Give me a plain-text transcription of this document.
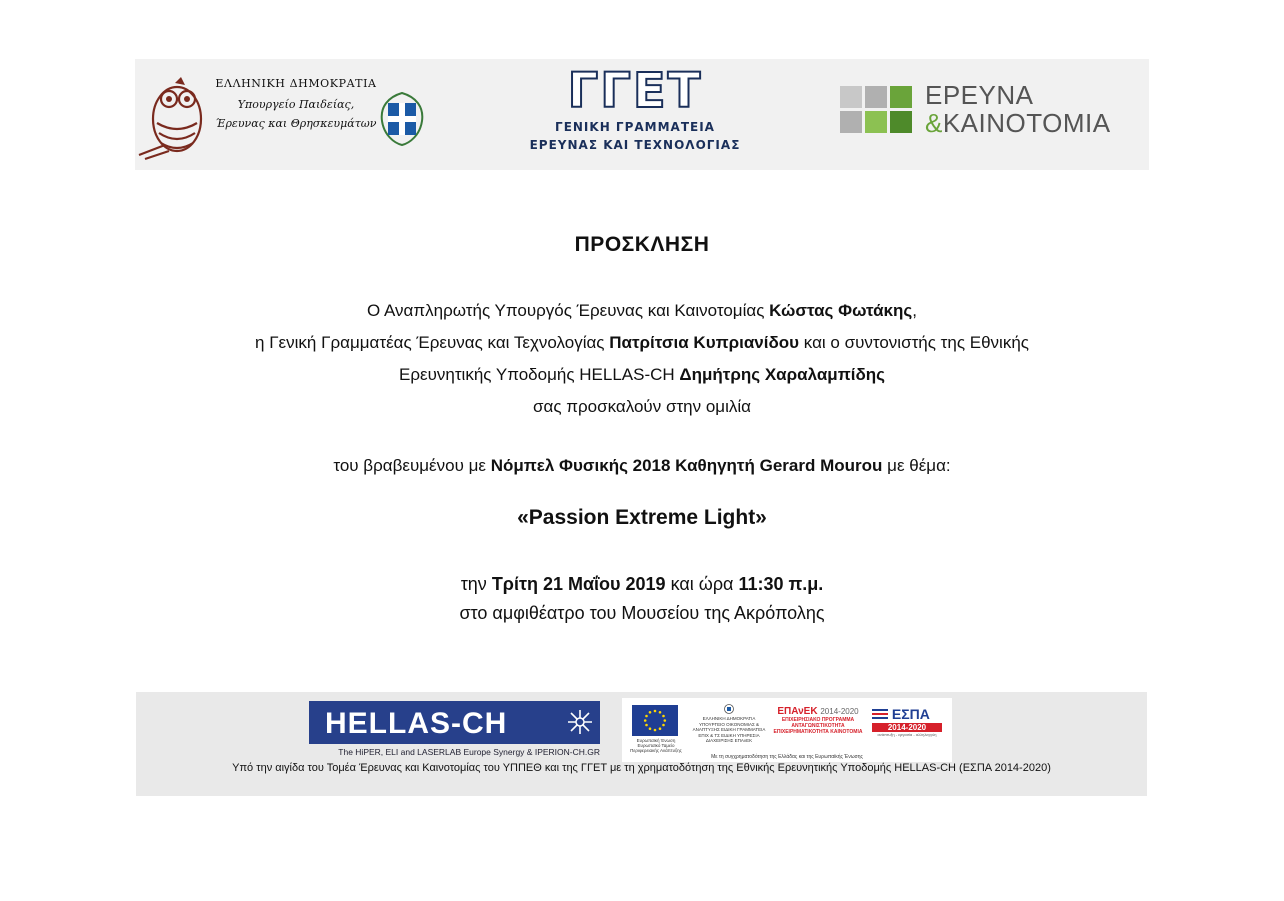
ΕΛΛΗΝΙΚΗ ΔΗΜΟΚΡΑΤΙΑ
Υπουργείο Παιδείας,
Έρευνας και Θρησκευμάτων
ΓΓΕΤ
ΓΕΝΙΚΗ ΓΡΑΜΜΑΤΕΙΑ
ΕΡΕΥΝΑΣ ΚΑΙ ΤΕΧΝΟΛΟΓΙΑΣ
ΕΡΕΥΝΑ
&ΚΑΙΝΟΤΟΜΙΑ
ΠΡΟΣΚΛΗΣΗ
Ο Αναπληρωτής Υπουργός Έρευνας και Καινοτομίας Κώστας Φωτάκης,
η Γενική Γραμματέας Έρευνας και Τεχνολογίας Πατρίτσια Κυπριανίδου και ο συντονιστής της Εθνικής
Ερευνητικής Υποδομής HELLAS-CH Δημήτρης Χαραλαμπίδης
σας προσκαλούν στην ομιλία
του βραβευμένου με Νόμπελ Φυσικής 2018 Καθηγητή Gerard Mourou με θέμα:
«Passion Extreme Light»
την Τρίτη 21 Μαΐου 2019 και ώρα 11:30 π.μ.
στο αμφιθέατρο του Μουσείου της Ακρόπολης
HELLAS-CH
The HiPER, ELI and LASERLAB Europe Synergy & IPERION-CH.GR
Ευρωπαϊκή Ένωση Ευρωπαϊκό Ταμείο Περιφερειακής Ανάπτυξης
ΕΛΛΗΝΙΚΗ ΔΗΜΟΚΡΑΤΙΑ ΥΠΟΥΡΓΕΙΟ ΟΙΚΟΝΟΜΙΑΣ & ΑΝΑΠΤΥΞΗΣ ΕΙΔΙΚΗ ΓΡΑΜΜΑΤΕΙΑ ΕΠΙΧ & ΤΣ ΕΙΔΙΚΗ ΥΠΗΡΕΣΙΑ ΔΙΑΧΕΙΡΙΣΗΣ ΕΠΑνΕΚ
ΕΠΑνΕΚ 2014-2020
ΕΠΙΧΕΙΡΗΣΙΑΚΟ ΠΡΟΓΡΑΜΜΑ ΑΝΤΑΓΩΝΙΣΤΙΚΟΤΗΤΑ ΕΠΙΧΕΙΡΗΜΑΤΙΚΟΤΗΤΑ ΚΑΙΝΟΤΟΜΙΑ
ΕΣΠΑ
2014-2020
ανάπτυξη - εργασία - αλληλεγγύη
Με τη συγχρηματοδότηση της Ελλάδας και της Ευρωπαϊκής Ένωσης
Υπό την αιγίδα του Τομέα Έρευνας και Καινοτομίας του ΥΠΠΕΘ και της ΓΓΕΤ με τη χρηματοδότηση της Εθνικής Ερευνητικής Υποδομής HELLAS-CH (ΕΣΠΑ 2014-2020)
